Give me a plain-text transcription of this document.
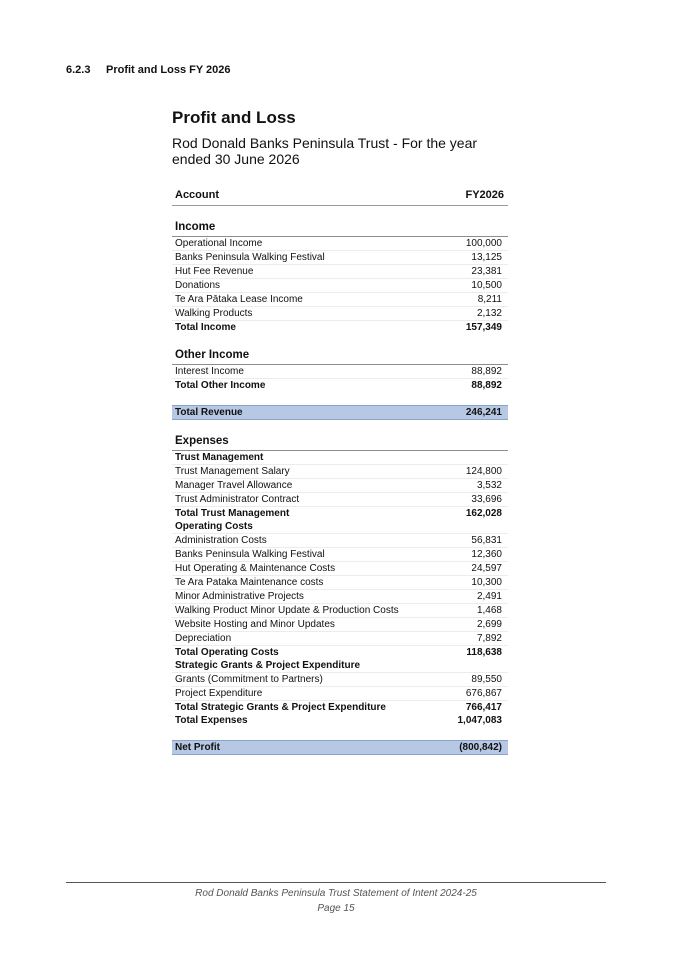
6.2.3 Profit and Loss FY 2026
Profit and Loss
Rod Donald Banks Peninsula Trust - For the year ended 30 June 2026
Account	FY2026
Income
Operational Income	100,000
Banks Peninsula Walking Festival	13,125
Hut Fee Revenue	23,381
Donations	10,500
Te Ara Pātaka Lease Income	8,211
Walking Products	2,132
Total Income	157,349
Other Income
Interest Income	88,892
Total Other Income	88,892
Total Revenue	246,241
Expenses
Trust Management
Trust Management Salary	124,800
Manager Travel Allowance	3,532
Trust Administrator Contract	33,696
Total Trust Management	162,028
Operating Costs
Administration Costs	56,831
Banks Peninsula Walking Festival	12,360
Hut Operating & Maintenance Costs	24,597
Te Ara Pataka Maintenance costs	10,300
Minor Administrative Projects	2,491
Walking Product Minor Update & Production Costs	1,468
Website Hosting and Minor Updates	2,699
Depreciation	7,892
Total Operating Costs	118,638
Strategic Grants & Project Expenditure
Grants (Commitment to Partners)	89,550
Project Expenditure	676,867
Total Strategic Grants & Project Expenditure	766,417
Total Expenses	1,047,083
Net Profit	(800,842)
Rod Donald Banks Peninsula Trust Statement of Intent 2024-25
Page 15
